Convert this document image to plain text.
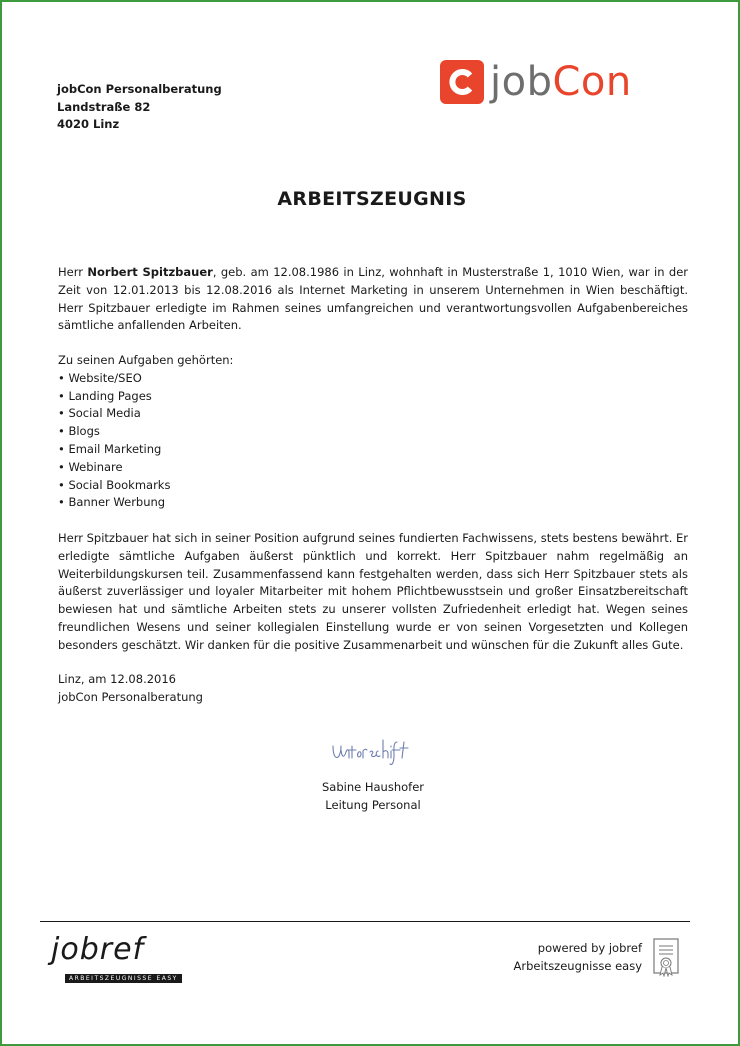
jobCon Personalberatung
Landstraße 82
4020 Linz
jobCon
ARBEITSZEUGNIS
Herr Norbert Spitzbauer, geb. am 12.08.1986 in Linz, wohnhaft in Musterstraße 1, 1010 Wien, war in der Zeit von 12.01.2013 bis 12.08.2016 als Internet Marketing in unserem Unternehmen in Wien beschäftigt. Herr Spitzbauer erledigte im Rahmen seines umfangreichen und verantwortungsvollen Aufgabenbereiches sämtliche anfallenden Arbeiten.
Zu seinen Aufgaben gehörten:
• Website/SEO
• Landing Pages
• Social Media
• Blogs
• Email Marketing
• Webinare
• Social Bookmarks
• Banner Werbung
Herr Spitzbauer hat sich in seiner Position aufgrund seines fundierten Fachwissens, stets bestens bewährt. Er erledigte sämtliche Aufgaben äußerst pünktlich und korrekt. Herr Spitzbauer nahm regelmäßig an Weiterbildungskursen teil. Zusammenfassend kann festgehalten werden, dass sich Herr Spitzbauer stets als äußerst zuverlässiger und loyaler Mitarbeiter mit hohem Pflichtbewusstsein und großer Einsatzbereitschaft bewiesen hat und sämtliche Arbeiten stets zu unserer vollsten Zufriedenheit erledigt hat. Wegen seines freundlichen Wesens und seiner kollegialen Einstellung wurde er von seinen Vorgesetzten und Kollegen besonders geschätzt. Wir danken für die positive Zusammenarbeit und wünschen für die Zukunft alles Gute.
Linz, am 12.08.2016
jobCon Personalberatung
Sabine Haushofer
Leitung Personal
jobref
ARBEITSZEUGNISSE EASY
powered by jobref
Arbeitszeugnisse easy
